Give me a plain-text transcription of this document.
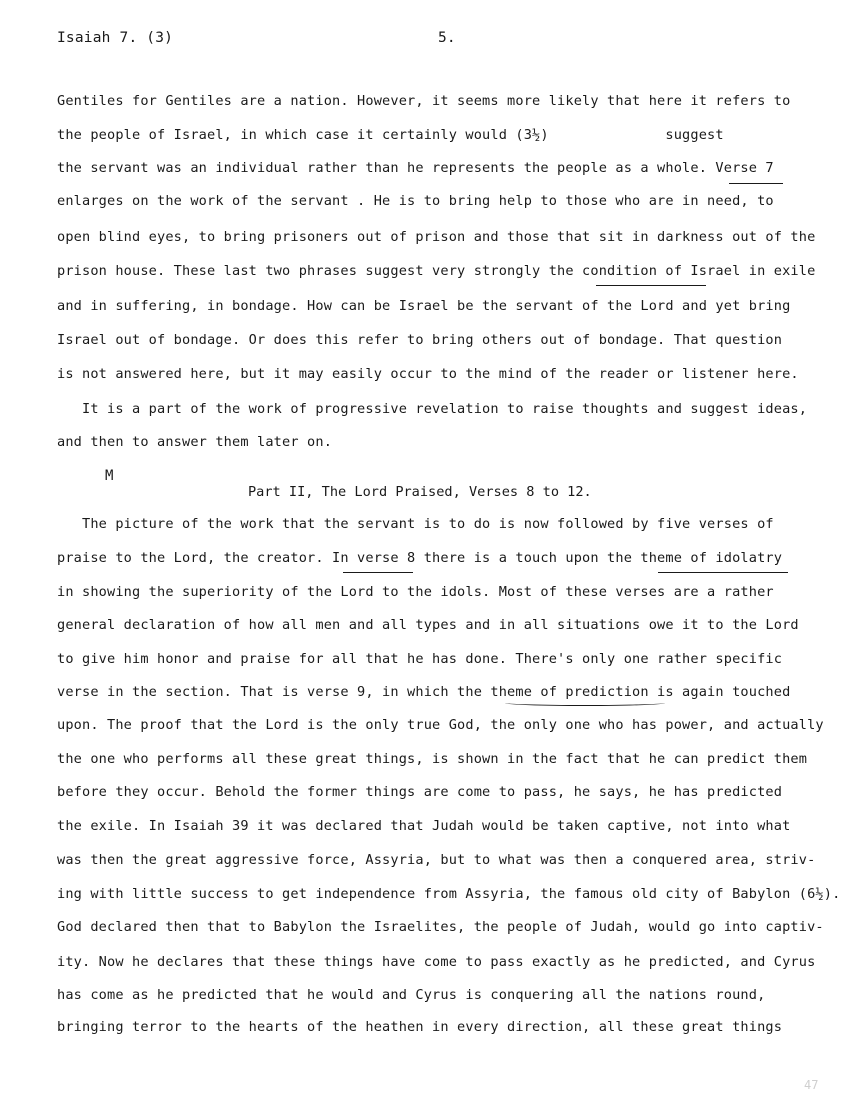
Isaiah 7. (3)	5.
Gentiles for Gentiles are a nation. However, it seems more likely that here it refers to
the people of Israel, in which case it certainly would (3½)              suggest
the servant was an individual rather than he represents the people as a whole. Verse 7
enlarges on the work of the servant . He is to bring help to those who are in need, to
open blind eyes, to bring prisoners out of prison and those that sit in darkness out of the
prison house. These last two phrases suggest very strongly the condition of Israel in exile
and in suffering, in bondage. How can be Israel be the servant of the Lord and yet bring
Israel out of bondage. Or does this refer to bring others out of bondage. That question
is not answered here, but it may easily occur to the mind of the reader or listener here.
It is a part of the work of progressive revelation to raise thoughts and suggest ideas,
and then to answer them later on.
M
Part II, The Lord Praised, Verses 8 to 12.
The picture of the work that the servant is to do is now followed by five verses of
praise to the Lord, the creator. In verse 8 there is a touch upon the theme of idolatry
in showing the superiority of the Lord to the idols. Most of these verses are a rather
general declaration of how all men and all types and in all situations owe it to the Lord
to give him honor and praise for all that he has done. There's only one rather specific
verse in the section. That is verse 9, in which the theme of prediction is again touched
upon. The proof that the Lord is the only true God, the only one who has power, and actually
the one who performs all these great things, is shown in the fact that he can predict them
before they occur. Behold the former things are come to pass, he says, he has predicted
the exile. In Isaiah 39 it was declared that Judah would be taken captive, not into what
was then the great aggressive force, Assyria, but to what was then a conquered area, striv-
ing with little success to get independence from Assyria, the famous old city of Babylon (6½).
God declared then that to Babylon the Israelites, the people of Judah, would go into captiv-
ity. Now he declares that these things have come to pass exactly as he predicted, and Cyrus
has come as he predicted that he would and Cyrus is conquering all the nations round,
bringing terror to the hearts of the heathen in every direction, all these great things
47
